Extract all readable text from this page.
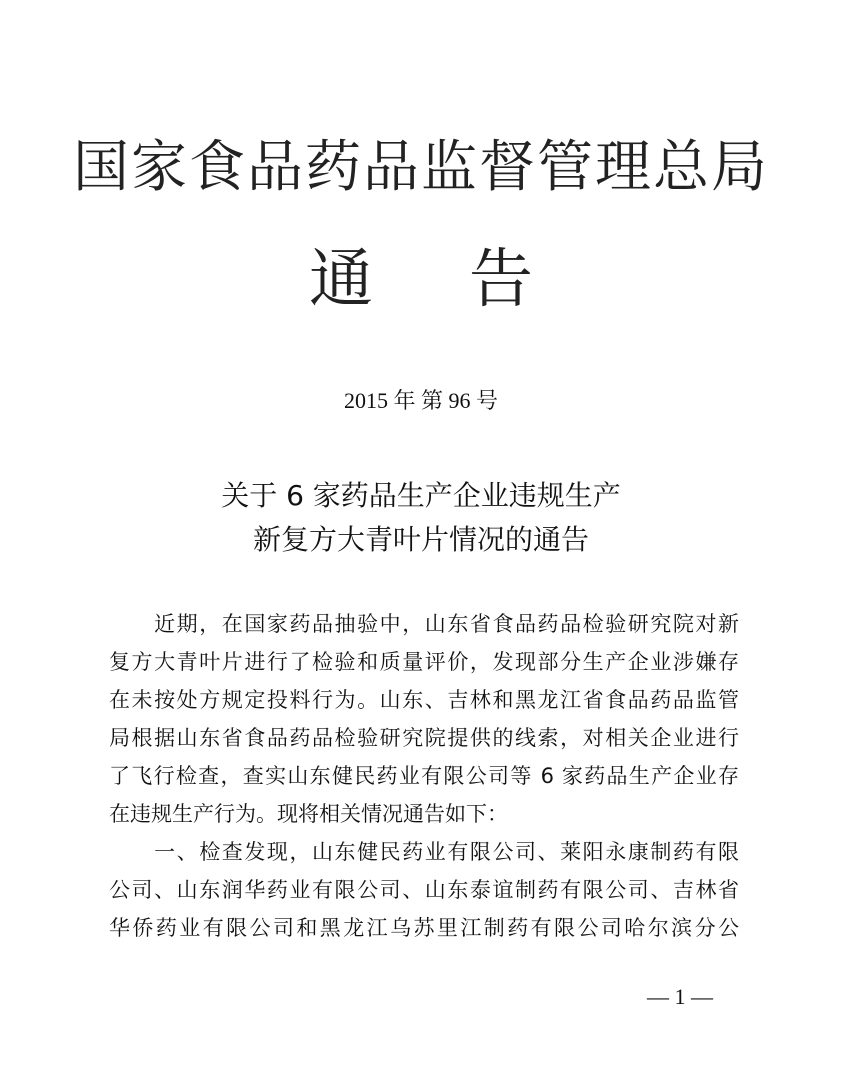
国家食品药品监督管理总局
通 告
2015 年 第 96 号
关于 6 家药品生产企业违规生产
新复方大青叶片情况的通告
　　近期，在国家药品抽验中，山东省食品药品检验研究院对新
复方大青叶片进行了检验和质量评价，发现部分生产企业涉嫌存
在未按处方规定投料行为。山东、吉林和黑龙江省食品药品监管
局根据山东省食品药品检验研究院提供的线索，对相关企业进行
了飞行检查，查实山东健民药业有限公司等 6 家药品生产企业存
在违规生产行为。现将相关情况通告如下：
　　一、检查发现，山东健民药业有限公司、莱阳永康制药有限
公司、山东润华药业有限公司、山东泰谊制药有限公司、吉林省
华侨药业有限公司和黑龙江乌苏里江制药有限公司哈尔滨分公
— 1 —
